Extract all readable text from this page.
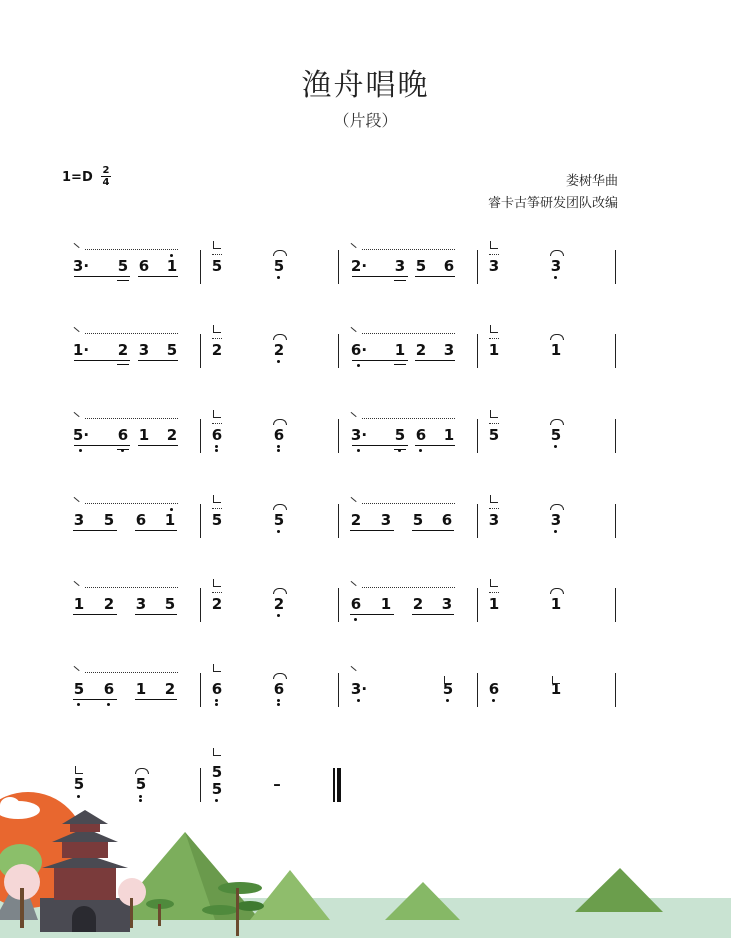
渔舟唱晚
（片段）
1=D 2
4	娄树华曲
睿卡古筝研发团队改编
3· 5 6 1 5	5	2· 3 5 6 3	3
1· 2 3 5 2	2	6· 1 2 3 1	1
5· 6 1 2 6	6	3· 5 6 1 5	5
3 5 6 1 5	5	2 3 5 6 3	3
1 2 3 5 2	2	6 1 2 3 1	1
5 6 1 2 6	6	3·	5 6	1
5	5
5
5	–
